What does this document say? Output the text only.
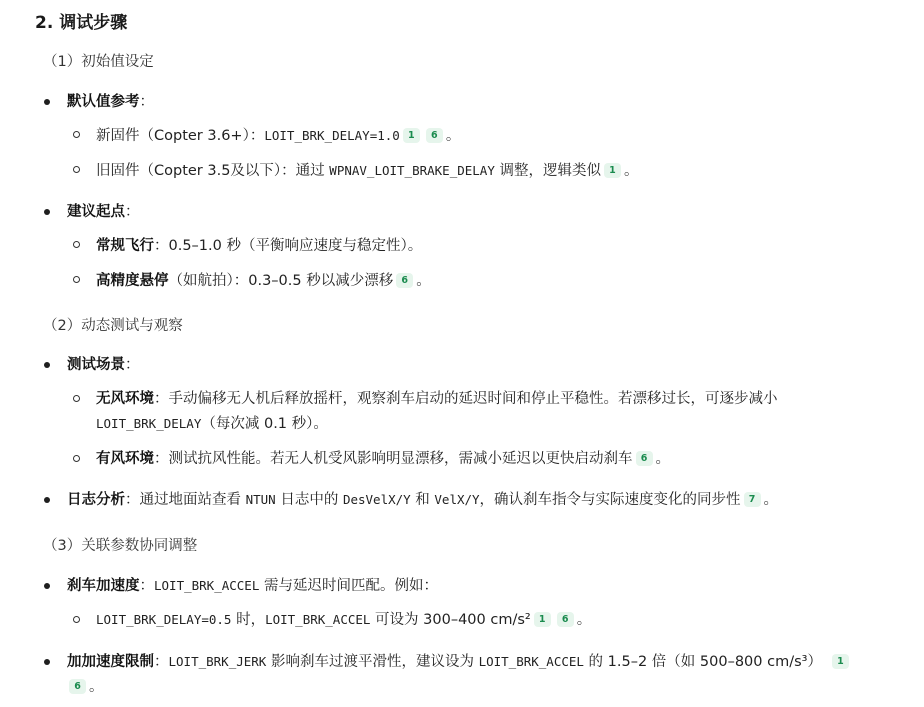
2. 调试步骤
（1）初始值设定
默认值参考：
新固件（Copter 3.6+）：LOIT_BRK_DELAY=1.0 1 6 。
旧固件（Copter 3.5及以下）：通过 WPNAV_LOIT_BRAKE_DELAY 调整，逻辑类似 1 。
建议起点：
常规飞行：0.5–1.0 秒（平衡响应速度与稳定性）。
高精度悬停（如航拍）：0.3–0.5 秒以减少漂移 6 。
（2）动态测试与观察
测试场景：
无风环境：手动偏移无人机后释放摇杆，观察刹车启动的延迟时间和停止平稳性。若漂移过长，可逐步减小
LOIT_BRK_DELAY（每次减 0.1 秒）。
有风环境：测试抗风性能。若无人机受风影响明显漂移，需减小延迟以更快启动刹车 6 。
日志分析：通过地面站查看 NTUN 日志中的 DesVelX/Y 和 VelX/Y，确认刹车指令与实际速度变化的同步性 7 。
（3）关联参数协同调整
刹车加速度：LOIT_BRK_ACCEL 需与延迟时间匹配。例如：
LOIT_BRK_DELAY=0.5 时，LOIT_BRK_ACCEL 可设为 300–400 cm/s² 1 6 。
加加速度限制：LOIT_BRK_JERK 影响刹车过渡平滑性，建议设为 LOIT_BRK_ACCEL 的 1.5–2 倍（如 500–800 cm/s³） 1
6 。
